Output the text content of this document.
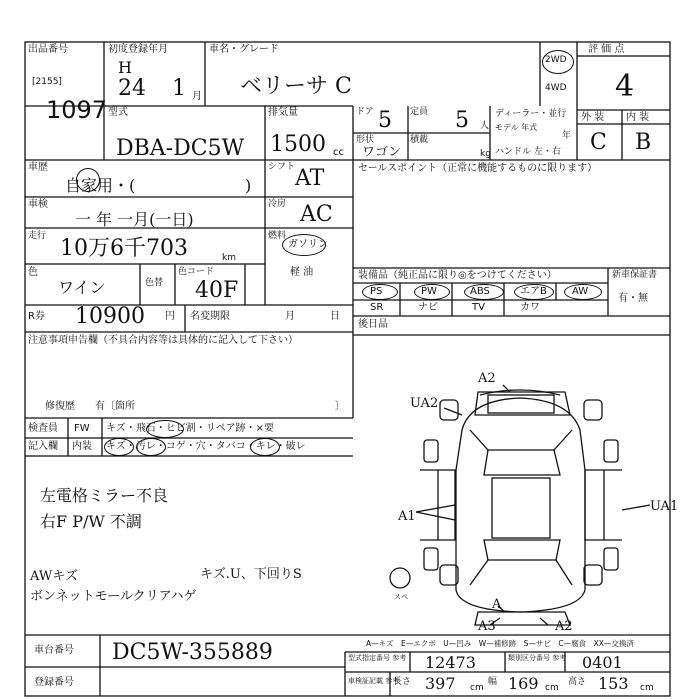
出品番号
[2155]
1097
初度登録年月
H
24 1 月
車名・グレード
ベリーサ C
2WD
4WD
評 価 点
4
外 装 内 装
C B
型式
DBA-DC5W
排気量
1500 cc
ドア 5 定員 5 人
形状
ワゴン
積載
kg
ディーラー・並行
モデル 年式
年
ハンドル 左・右
車歴
自家用・(	)
車検
一 年 一月(一日)
走行 10万6千703	km
色
ワイン	色替
色コード
40F
R券 10900 円 名変期限	月	日
シフト AT
冷房 AC
燃料
ガソリン
軽 油
セールスポイント（正常に機能するものに限ります）
装備品（純正品に限り◎をつけてください）	新車保証書
有・無
PS	PW	ABS	エアB	AW
SR	ナビ	TV	カワ
後日品
注意事項申告欄（不具合内容等は具体的に記入して下さい）
修復歴　　有〔箇所	〕
検査員
記入欄
FW キズ・飛石・ヒビ割・リペア跡・×要
内装 キズ・汚レ・コゲ・穴・タバコ・キレ・破レ
左電格ミラー不良
右F P/W 不調
AWキズ	キズ.U、下回りS
ボンネットモールクリアハゲ
A2
UA2
UA1
A1
A
A3	A2
スペ
A—キズ　E—エクボ　U—凹み　W—補修跡　S—サビ　C—腐食　XX—交換済
車台番号 DC5W-355889
登録番号
型式指定番号 参考 12473	類別区分番号 参考 0401
車検証記載 参考
長さ 397 cm
幅 169 cm
高さ 153 cm
